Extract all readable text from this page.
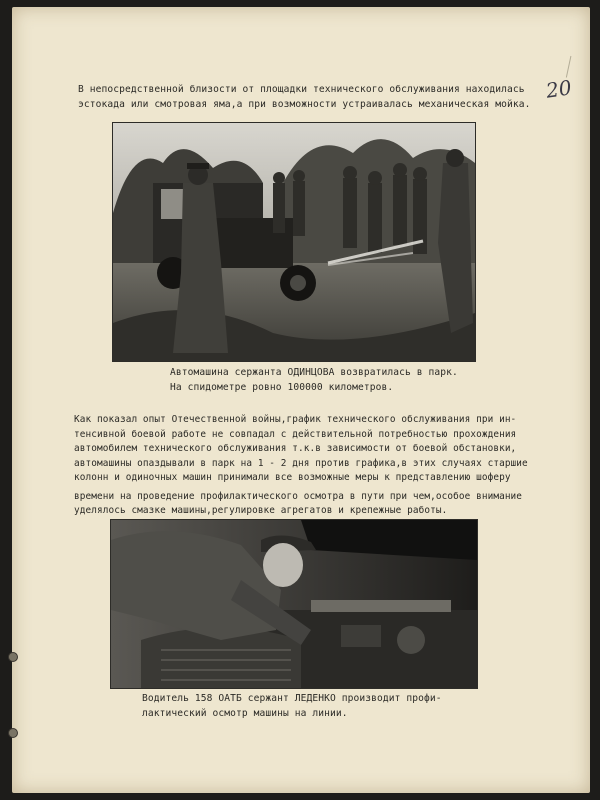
20
В непосредственной близости от площадки технического обслуживания находилась
эстокада или смотровая яма,а при возможности устраивалась механическая мойка.
Автомашина сержанта ОДИНЦОВА возвратилась в парк.
На спидометре ровно 100000 километров.
Как показал опыт Отечественной войны,график технического обслуживания при ин-
тенсивной боевой работе не совпадал с действительной потребностью прохождения
автомобилем технического обслуживания т.к.в зависимости от боевой обстановки,
автомашины опаздывали в парк на 1 - 2 дня против графика,в этих случаях старшие
колонн и одиночных машин принимали все возможные меры к представлению шоферу
времени на проведение профилактического осмотра в пути при чем,особое внимание
уделялось смазке машины,регулировке агрегатов и крепежные работы.
Водитель 158 ОАТБ сержант ЛЕДЕНКО производит профи-
лактический осмотр машины на линии.
